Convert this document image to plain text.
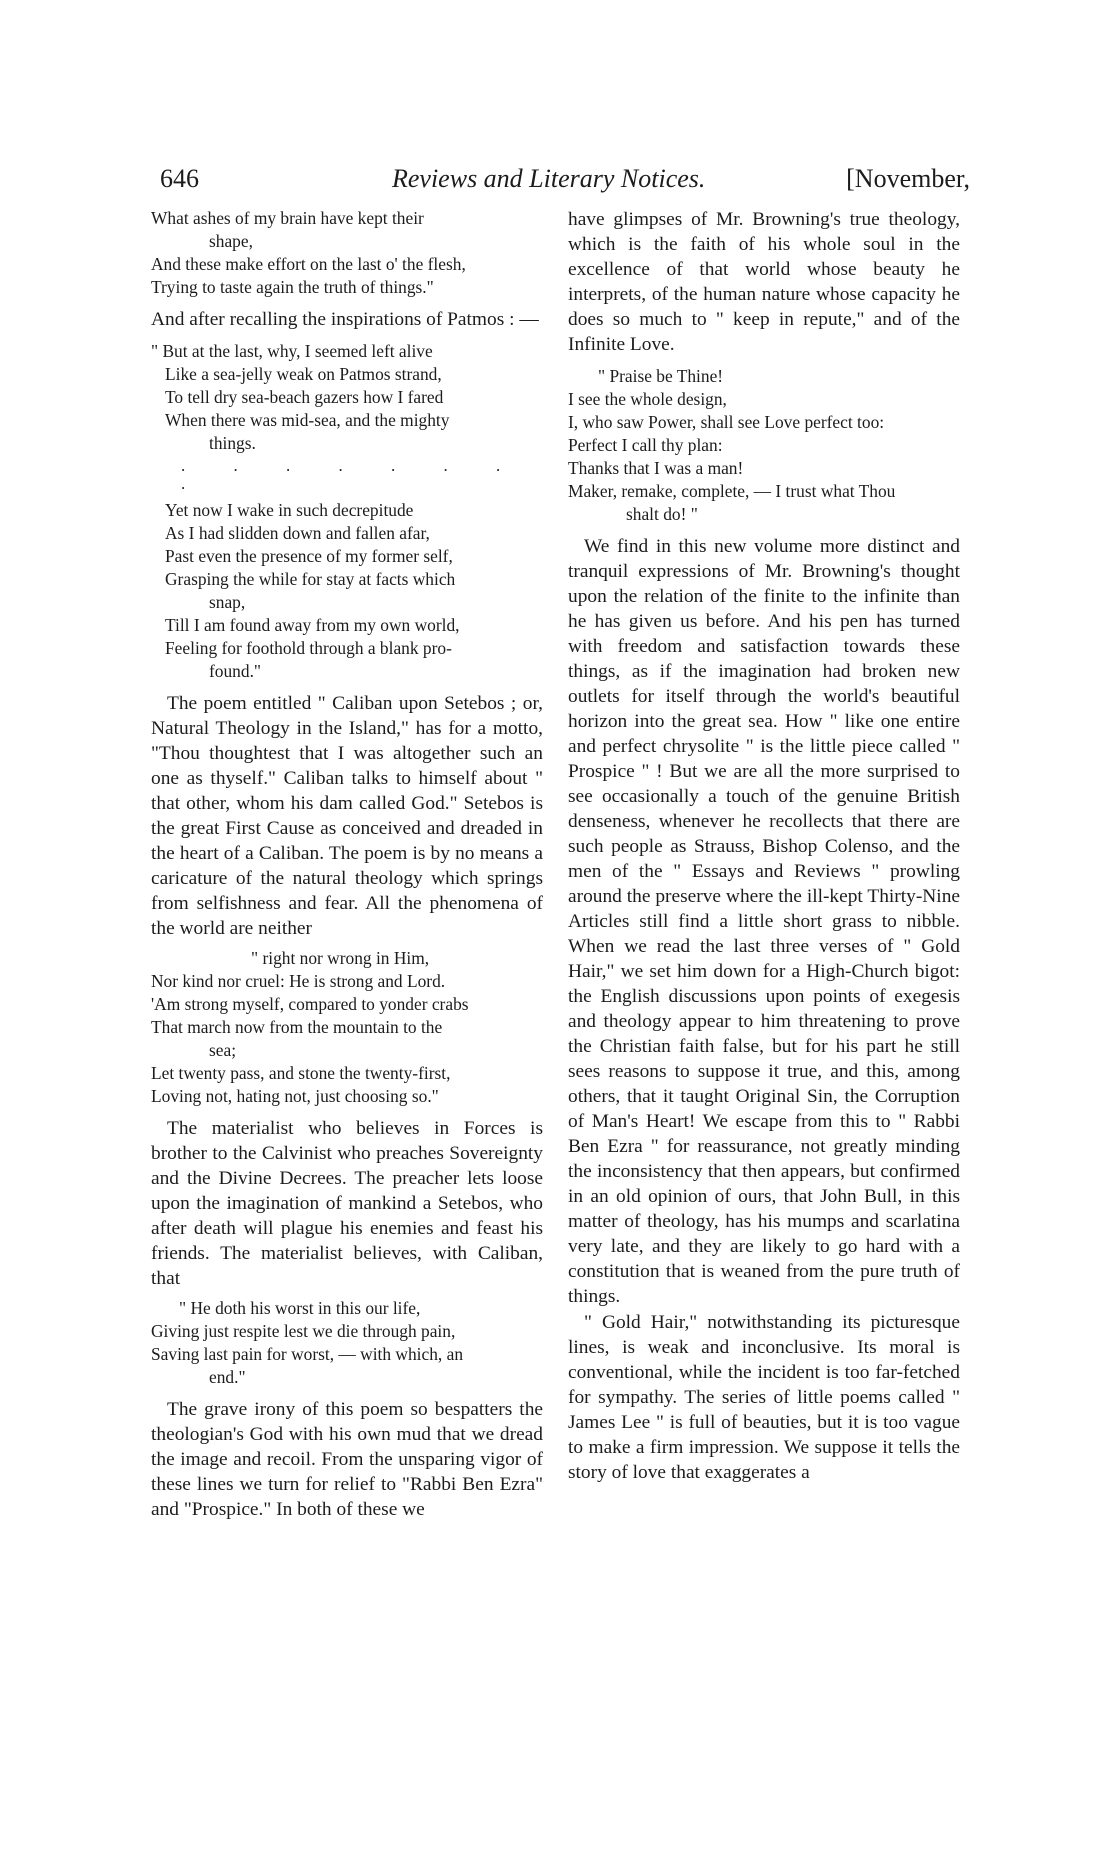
646	Reviews and Literary Notices.	[November,
What ashes of my brain have kept their
shape,
And these make effort on the last o' the flesh,
Trying to taste again the truth of things."

And after recalling the inspirations of Patmos : —

" But at the last, why, I seemed left alive
Like a sea-jelly weak on Patmos strand,
To tell dry sea-beach gazers how I fared
When there was mid-sea, and the mighty
things.
. . . . . . . .
Yet now I wake in such decrepitude
As I had slidden down and fallen afar,
Past even the presence of my former self,
Grasping the while for stay at facts which
snap,
Till I am found away from my own world,
Feeling for foothold through a blank pro-
found."

The poem entitled " Caliban upon Setebos ; or, Natural Theology in the Island," has for a motto, "Thou thoughtest that I was altogether such an one as thyself." Caliban talks to himself about " that other, whom his dam called God." Setebos is the great First Cause as conceived and dreaded in the heart of a Caliban. The poem is by no means a caricature of the natural theology which springs from selfishness and fear. All the phenomena of the world are neither

" right nor wrong in Him,
Nor kind nor cruel: He is strong and Lord.
'Am strong myself, compared to yonder crabs
That march now from the mountain to the
sea;
Let twenty pass, and stone the twenty-first,
Loving not, hating not, just choosing so."

The materialist who believes in Forces is brother to the Calvinist who preaches Sovereignty and the Divine Decrees. The preacher lets loose upon the imagination of mankind a Setebos, who after death will plague his enemies and feast his friends. The materialist believes, with Caliban, that

" He doth his worst in this our life,
Giving just respite lest we die through pain,
Saving last pain for worst, — with which, an
end."

The grave irony of this poem so bespatters the theologian's God with his own mud that we dread the image and recoil. From the unsparing vigor of these lines we turn for relief to "Rabbi Ben Ezra" and "Prospice." In both of these we

have glimpses of Mr. Browning's true theology, which is the faith of his whole soul in the excellence of that world whose beauty he interprets, of the human nature whose capacity he does so much to " keep in repute," and of the Infinite Love.

" Praise be Thine!
I see the whole design,
I, who saw Power, shall see Love perfect too:
Perfect I call thy plan:
Thanks that I was a man!
Maker, remake, complete, — I trust what Thou
shalt do! "

We find in this new volume more distinct and tranquil expressions of Mr. Browning's thought upon the relation of the finite to the infinite than he has given us before. And his pen has turned with freedom and satisfaction towards these things, as if the imagination had broken new outlets for itself through the world's beautiful horizon into the great sea. How " like one entire and perfect chrysolite " is the little piece called " Prospice " ! But we are all the more surprised to see occasionally a touch of the genuine British denseness, whenever he recollects that there are such people as Strauss, Bishop Colenso, and the men of the " Essays and Reviews " prowling around the preserve where the ill-kept Thirty-Nine Articles still find a little short grass to nibble. When we read the last three verses of " Gold Hair," we set him down for a High-Church bigot: the English discussions upon points of exegesis and theology appear to him threatening to prove the Christian faith false, but for his part he still sees reasons to suppose it true, and this, among others, that it taught Original Sin, the Corruption of Man's Heart! We escape from this to " Rabbi Ben Ezra " for reassurance, not greatly minding the inconsistency that then appears, but confirmed in an old opinion of ours, that John Bull, in this matter of theology, has his mumps and scarlatina very late, and they are likely to go hard with a constitution that is weaned from the pure truth of things.

" Gold Hair," notwithstanding its picturesque lines, is weak and inconclusive. Its moral is conventional, while the incident is too far-fetched for sympathy. The series of little poems called " James Lee " is full of beauties, but it is too vague to make a firm impression. We suppose it tells the story of love that exaggerates a
